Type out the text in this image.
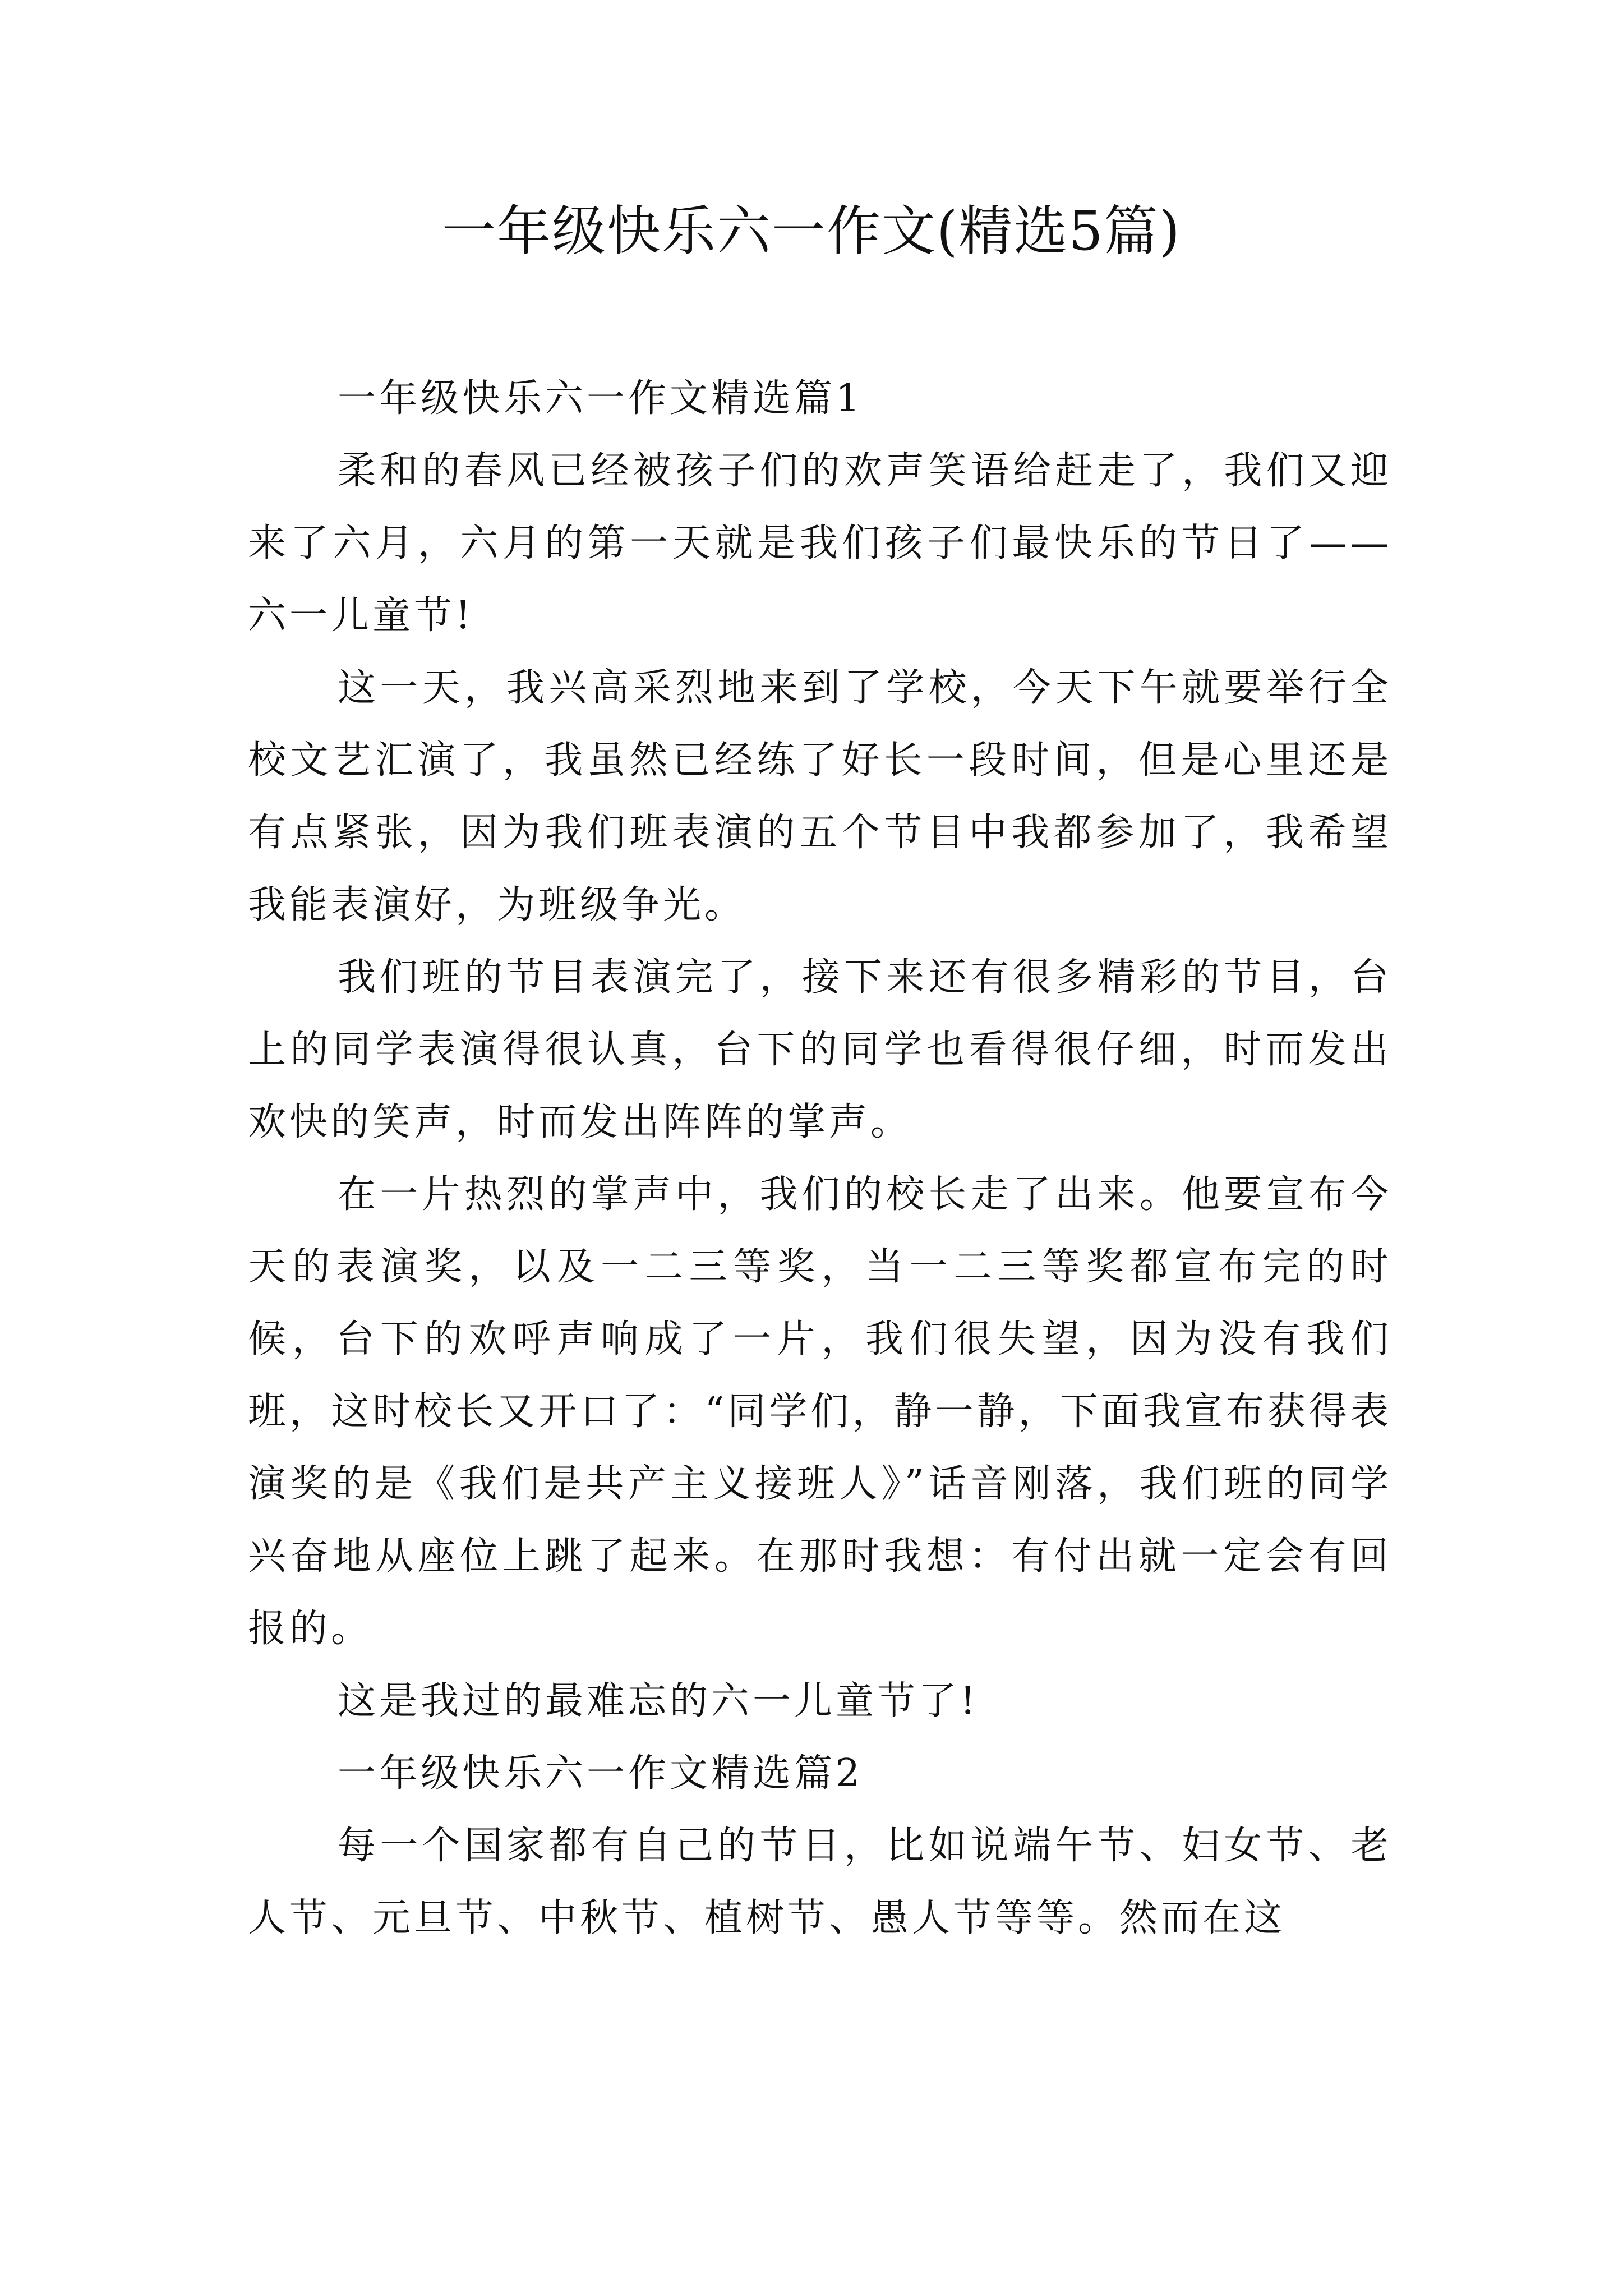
一年级快乐六一作文(精选5篇)

一年级快乐六一作文精选篇1

柔和的春风已经被孩子们的欢声笑语给赶走了，我们又迎来了六月，六月的第一天就是我们孩子们最快乐的节日了——六一儿童节!

这一天，我兴高采烈地来到了学校，今天下午就要举行全校文艺汇演了，我虽然已经练了好长一段时间，但是心里还是有点紧张，因为我们班表演的五个节目中我都参加了，我希望我能表演好，为班级争光。

我们班的节目表演完了，接下来还有很多精彩的节目，台上的同学表演得很认真，台下的同学也看得很仔细，时而发出欢快的笑声，时而发出阵阵的掌声。

在一片热烈的掌声中，我们的校长走了出来。他要宣布今天的表演奖，以及一二三等奖，当一二三等奖都宣布完的时候，台下的欢呼声响成了一片，我们很失望，因为没有我们班，这时校长又开口了：“同学们，静一静，下面我宣布获得表演奖的是《我们是共产主义接班人》”话音刚落，我们班的同学兴奋地从座位上跳了起来。在那时我想：有付出就一定会有回报的。

这是我过的最难忘的六一儿童节了!

一年级快乐六一作文精选篇2

每一个国家都有自己的节日，比如说端午节、妇女节、老人节、元旦节、中秋节、植树节、愚人节等等。然而在这
